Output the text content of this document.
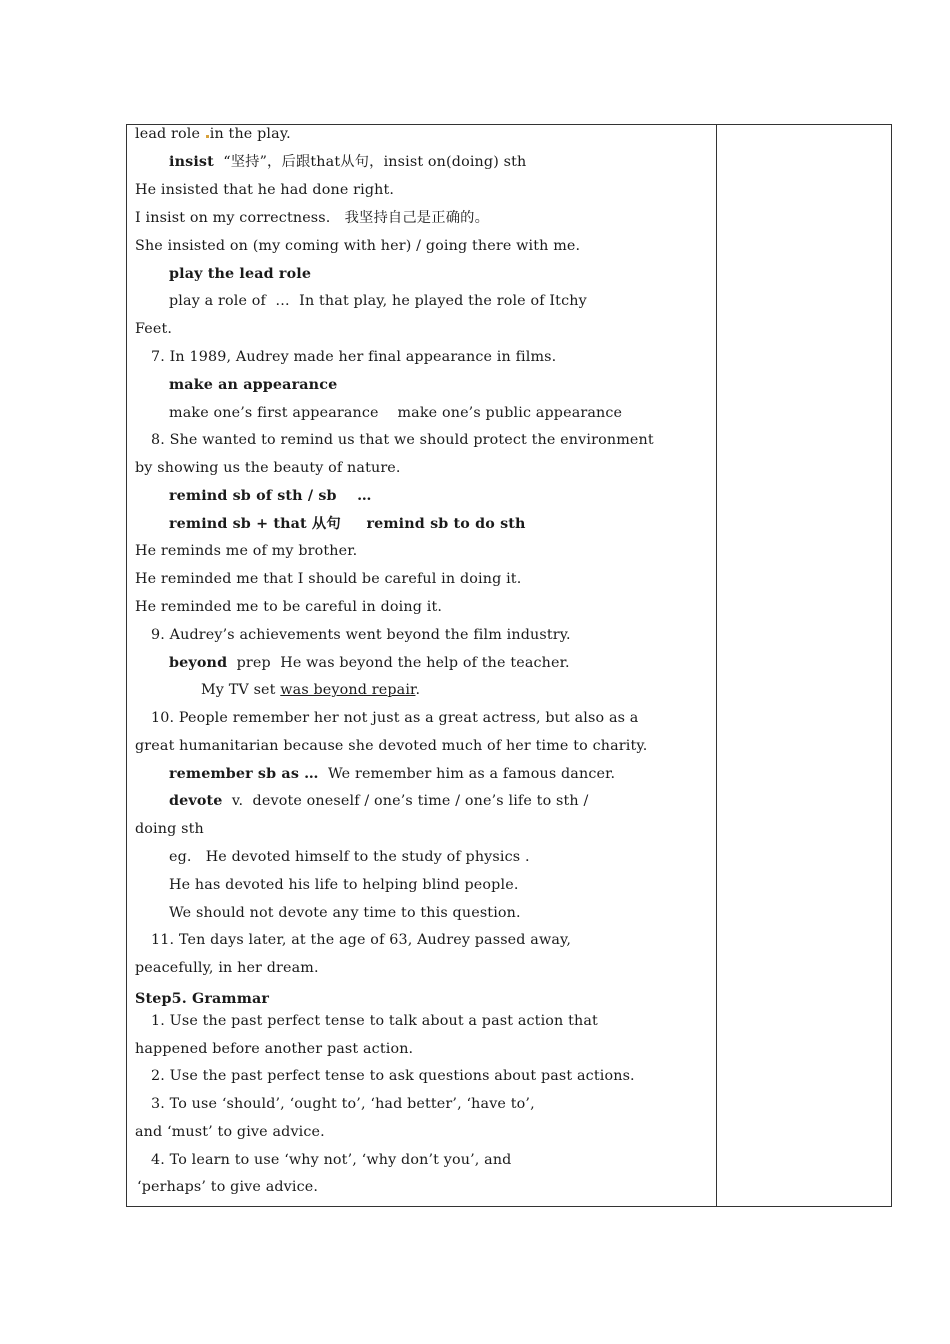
lead role in the play.
insist  “坚持”，后跟that从句，insist on(doing) sth
He insisted that he had done right.
I insist on my correctness.   我坚持自己是正确的。
She insisted on (my coming with her) / going there with me.
play the lead role
play a role of  …  In that play, he played the role of Itchy
Feet.
7. In 1989, Audrey made her final appearance in films.
make an appearance
make one’s first appearance    make one’s public appearance
8. She wanted to remind us that we should protect the environment
by showing us the beauty of nature.
remind sb of sth / sb    …
remind sb + that 从句     remind sb to do sth
He reminds me of my brother.
He reminded me that I should be careful in doing it.
He reminded me to be careful in doing it.
9. Audrey’s achievements went beyond the film industry.
beyond  prep  He was beyond the help of the teacher.
My TV set was beyond repair.
10. People remember her not just as a great actress, but also as a
great humanitarian because she devoted much of her time to charity.
remember sb as …  We remember him as a famous dancer.
devote  v.  devote oneself / one’s time / one’s life to sth /
doing sth
eg.   He devoted himself to the study of physics .
He has devoted his life to helping blind people.
We should not devote any time to this question.
11. Ten days later, at the age of 63, Audrey passed away,
peacefully, in her dream.
Step5. Grammar
1. Use the past perfect tense to talk about a past action that
happened before another past action.
2. Use the past perfect tense to ask questions about past actions.
3. To use ‘should’, ‘ought to’, ‘had better’, ‘have to’,
and ‘must’ to give advice.
4. To learn to use ‘why not’, ‘why don’t you’, and
‘perhaps’ to give advice.
